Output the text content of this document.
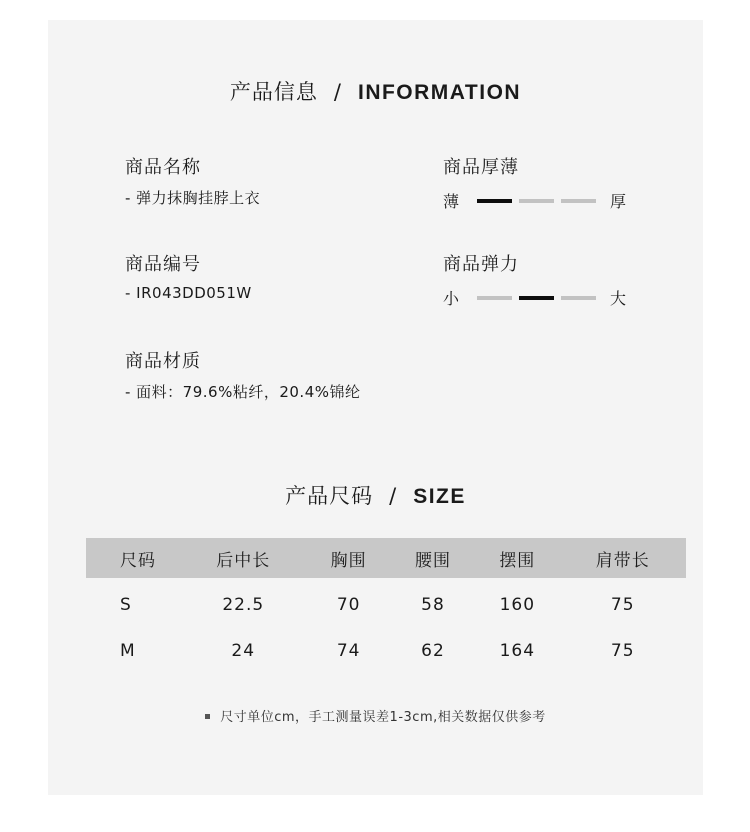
产品信息 / INFORMATION
商品名称
- 弹力抹胸挂脖上衣
商品厚薄
薄	厚
商品编号
- IR043DD051W
商品弹力
小	大
商品材质
- 面料：79.6%粘纤，20.4%锦纶
产品尺码 / SIZE
尺码	后中长	胸围	腰围	摆围	肩带长
S	22.5	70	58	160	75
M	24	74	62	164	75
尺寸单位cm，手工测量误差1-3cm,相关数据仅供参考
